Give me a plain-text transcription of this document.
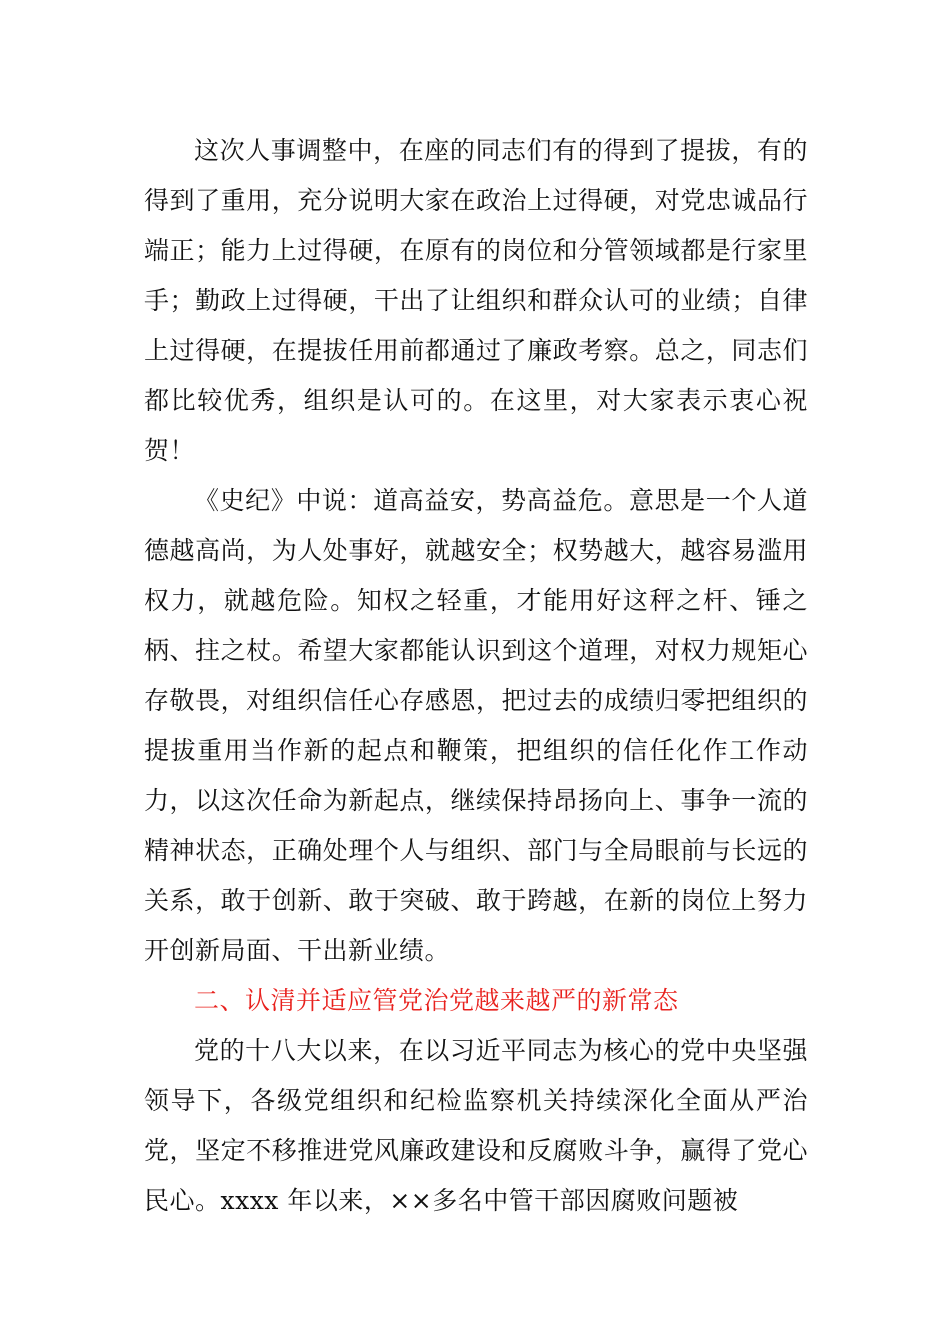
这次人事调整中，在座的同志们有的得到了提拔，有的得到了重用，充分说明大家在政治上过得硬，对党忠诚品行端正；能力上过得硬，在原有的岗位和分管领域都是行家里手；勤政上过得硬，干出了让组织和群众认可的业绩；自律上过得硬，在提拔任用前都通过了廉政考察。总之，同志们都比较优秀，组织是认可的。在这里，对大家表示衷心祝贺！

《史纪》中说：道高益安，势高益危。意思是一个人道德越高尚，为人处事好，就越安全；权势越大，越容易滥用权力，就越危险。知权之轻重，才能用好这秤之杆、锤之柄、拄之杖。希望大家都能认识到这个道理，对权力规矩心存敬畏，对组织信任心存感恩，把过去的成绩归零把组织的提拔重用当作新的起点和鞭策，把组织的信任化作工作动力，以这次任命为新起点，继续保持昂扬向上、事争一流的精神状态，正确处理个人与组织、部门与全局眼前与长远的关系，敢于创新、敢于突破、敢于跨越，在新的岗位上努力开创新局面、干出新业绩。

二、认清并适应管党治党越来越严的新常态

党的十八大以来，在以习近平同志为核心的党中央坚强领导下，各级党组织和纪检监察机关持续深化全面从严治党，坚定不移推进党风廉政建设和反腐败斗争，赢得了党心民心。xxxx 年以来，××多名中管干部因腐败问题被
